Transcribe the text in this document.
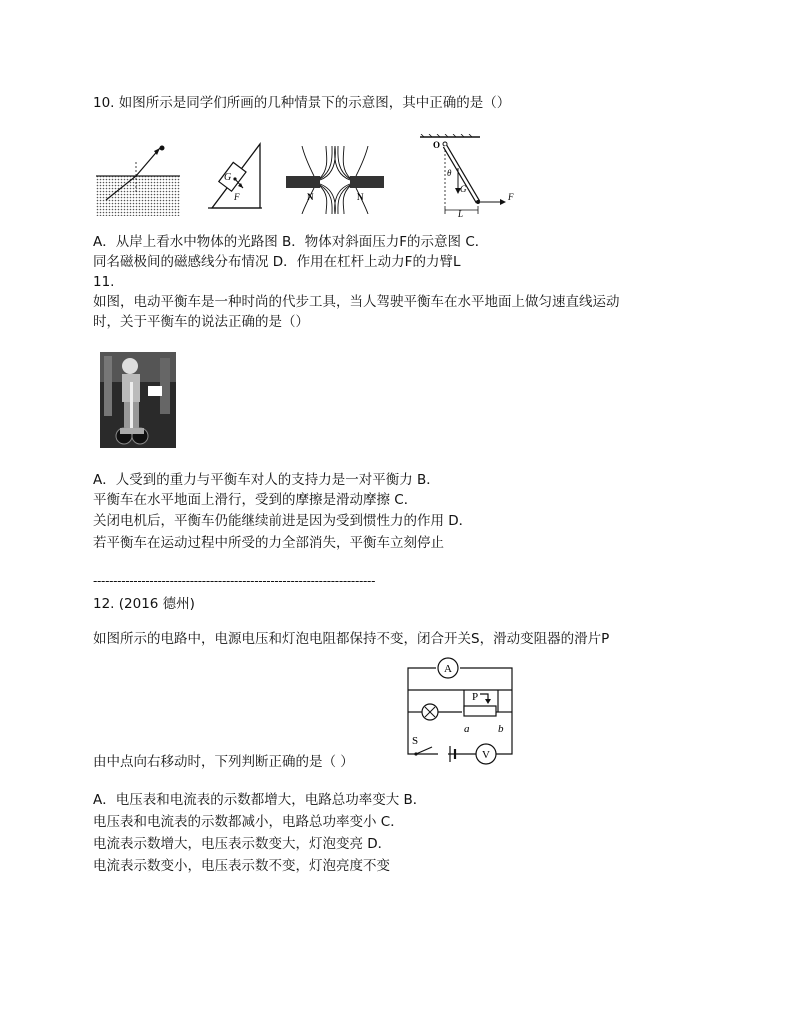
10. 如图所示是同学们所画的几种情景下的示意图，其中正确的是（）
G
F	N	N
O
θ
G
L
F
A．从岸上看水中物体的光路图 B．物体对斜面压力F的示意图 C．
同名磁极间的磁感线分布情况 D．作用在杠杆上动力F的力臂L
11.
如图，电动平衡车是一种时尚的代步工具，当人驾驶平衡车在水平地面上做匀速直线运动
时，关于平衡车的说法正确的是（）
A．人受到的重力与平衡车对人的支持力是一对平衡力 B．
平衡车在水平地面上滑行，受到的摩擦是滑动摩擦 C．
关闭电机后，平衡车仍能继续前进是因为受到惯性力的作用 D．
若平衡车在运动过程中所受的力全部消失，平衡车立刻停止
----------------------------------------------------------------------
12. (2016 德州)
如图所示的电路中，电源电压和灯泡电阻都保持不变，闭合开关S，滑动变阻器的滑片P
A
P
a	b
S
V
由中点向右移动时，下列判断正确的是（ ）
A．电压表和电流表的示数都增大，电路总功率变大 B．
电压表和电流表的示数都减小，电路总功率变小 C．
电流表示数增大，电压表示数变大，灯泡变亮 D．
电流表示数变小，电压表示数不变，灯泡亮度不变
